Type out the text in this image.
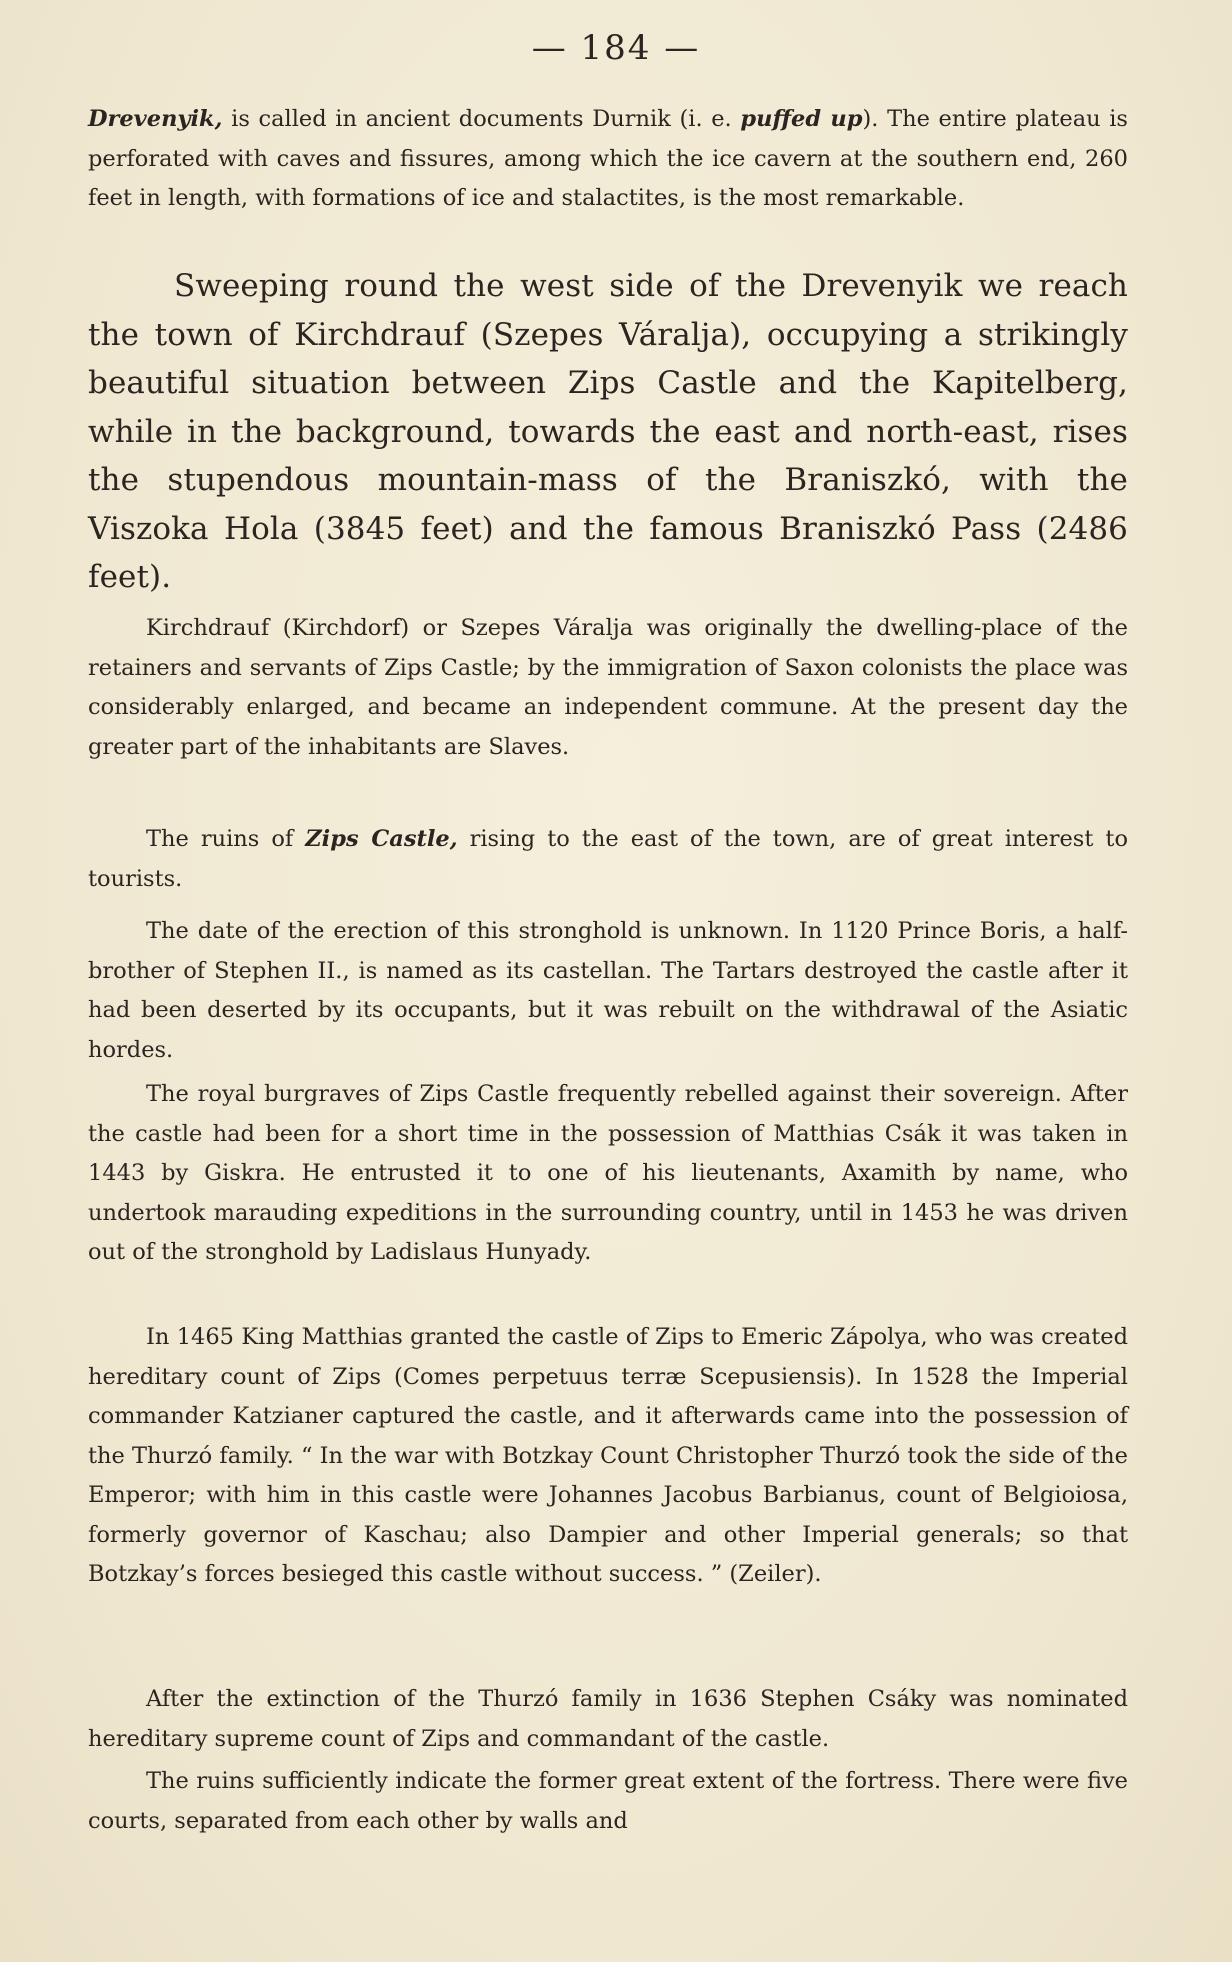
— 184 —

Drevenyik, is called in ancient documents Durnik (i. e. puffed up). The entire plateau is perforated with caves and fissures, among which the ice cavern at the southern end, 260 feet in length, with formations of ice and stalactites, is the most remarkable.

Sweeping round the west side of the Drevenyik we reach the town of Kirchdrauf (Szepes Váralja), occupying a strikingly beautiful situation between Zips Castle and the Kapitelberg, while in the background, towards the east and north-east, rises the stupendous mountain-mass of the Braniszkó, with the Viszoka Hola (3845 feet) and the famous Braniszkó Pass (2486 feet).

Kirchdrauf (Kirchdorf) or Szepes Váralja was originally the dwelling-place of the retainers and servants of Zips Castle; by the immigration of Saxon colonists the place was considerably enlarged, and became an independent commune. At the present day the greater part of the inhabitants are Slaves.

The ruins of Zips Castle, rising to the east of the town, are of great interest to tourists.

The date of the erection of this stronghold is unknown. In 1120 Prince Boris, a half-brother of Stephen II., is named as its castellan. The Tartars destroyed the castle after it had been deserted by its occupants, but it was rebuilt on the withdrawal of the Asiatic hordes.

The royal burgraves of Zips Castle frequently rebelled against their sovereign. After the castle had been for a short time in the possession of Matthias Csák it was taken in 1443 by Giskra. He entrusted it to one of his lieutenants, Axamith by name, who undertook marauding expeditions in the surrounding country, until in 1453 he was driven out of the stronghold by Ladislaus Hunyady.

In 1465 King Matthias granted the castle of Zips to Emeric Zápolya, who was created hereditary count of Zips (Comes perpetuus terræ Scepusiensis). In 1528 the Imperial commander Katzianer captured the castle, and it afterwards came into the possession of the Thurzó family. “ In the war with Botzkay Count Christopher Thurzó took the side of the Emperor; with him in this castle were Johannes Jacobus Barbianus, count of Belgioiosa, formerly governor of Kaschau; also Dampier and other Imperial generals; so that Botzkay’s forces besieged this castle without success. ” (Zeiler).

After the extinction of the Thurzó family in 1636 Stephen Csáky was nominated hereditary supreme count of Zips and commandant of the castle.

The ruins sufficiently indicate the former great extent of the fortress. There were five courts, separated from each other by walls and
